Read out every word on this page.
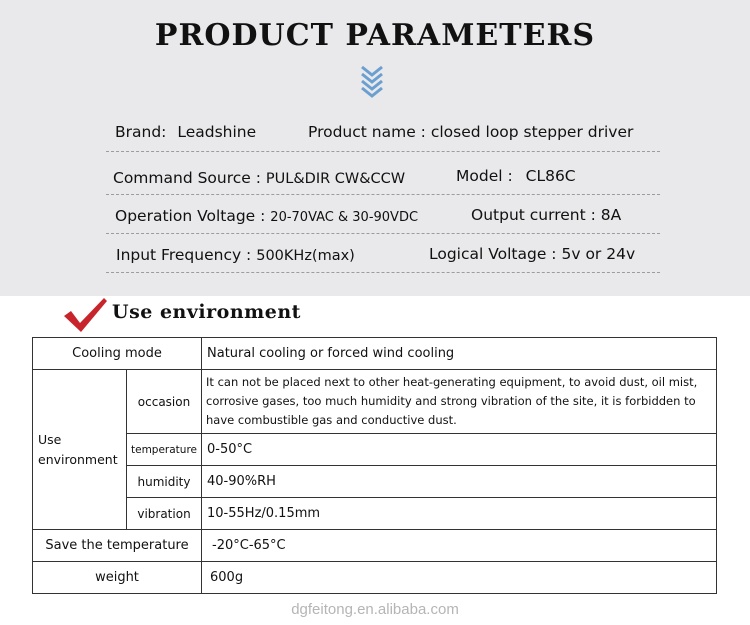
PRODUCT PARAMETERS
Brand: Leadshine	Product name : closed loop stepper driver
Command Source : PUL&DIR CW&CCW	Model : CL86C
Operation Voltage : 20-70VAC & 30-90VDC	Output current : 8A
Input Frequency : 500KHz(max)	Logical Voltage : 5v or 24v
Use environment
Cooling mode		Natural cooling or forced wind cooling
Use environment	occasion	It can not be placed next to other heat-generating equipment, to avoid dust, oil mist, corrosive gases, too much humidity and strong vibration of the site, it is forbidden to have combustible gas and conductive dust.
	temperature	0-50°C
	humidity	40-90%RH
	vibration	10-55Hz/0.15mm
Save the temperature		-20°C-65°C
weight		600g
dgfeitong.en.alibaba.com
